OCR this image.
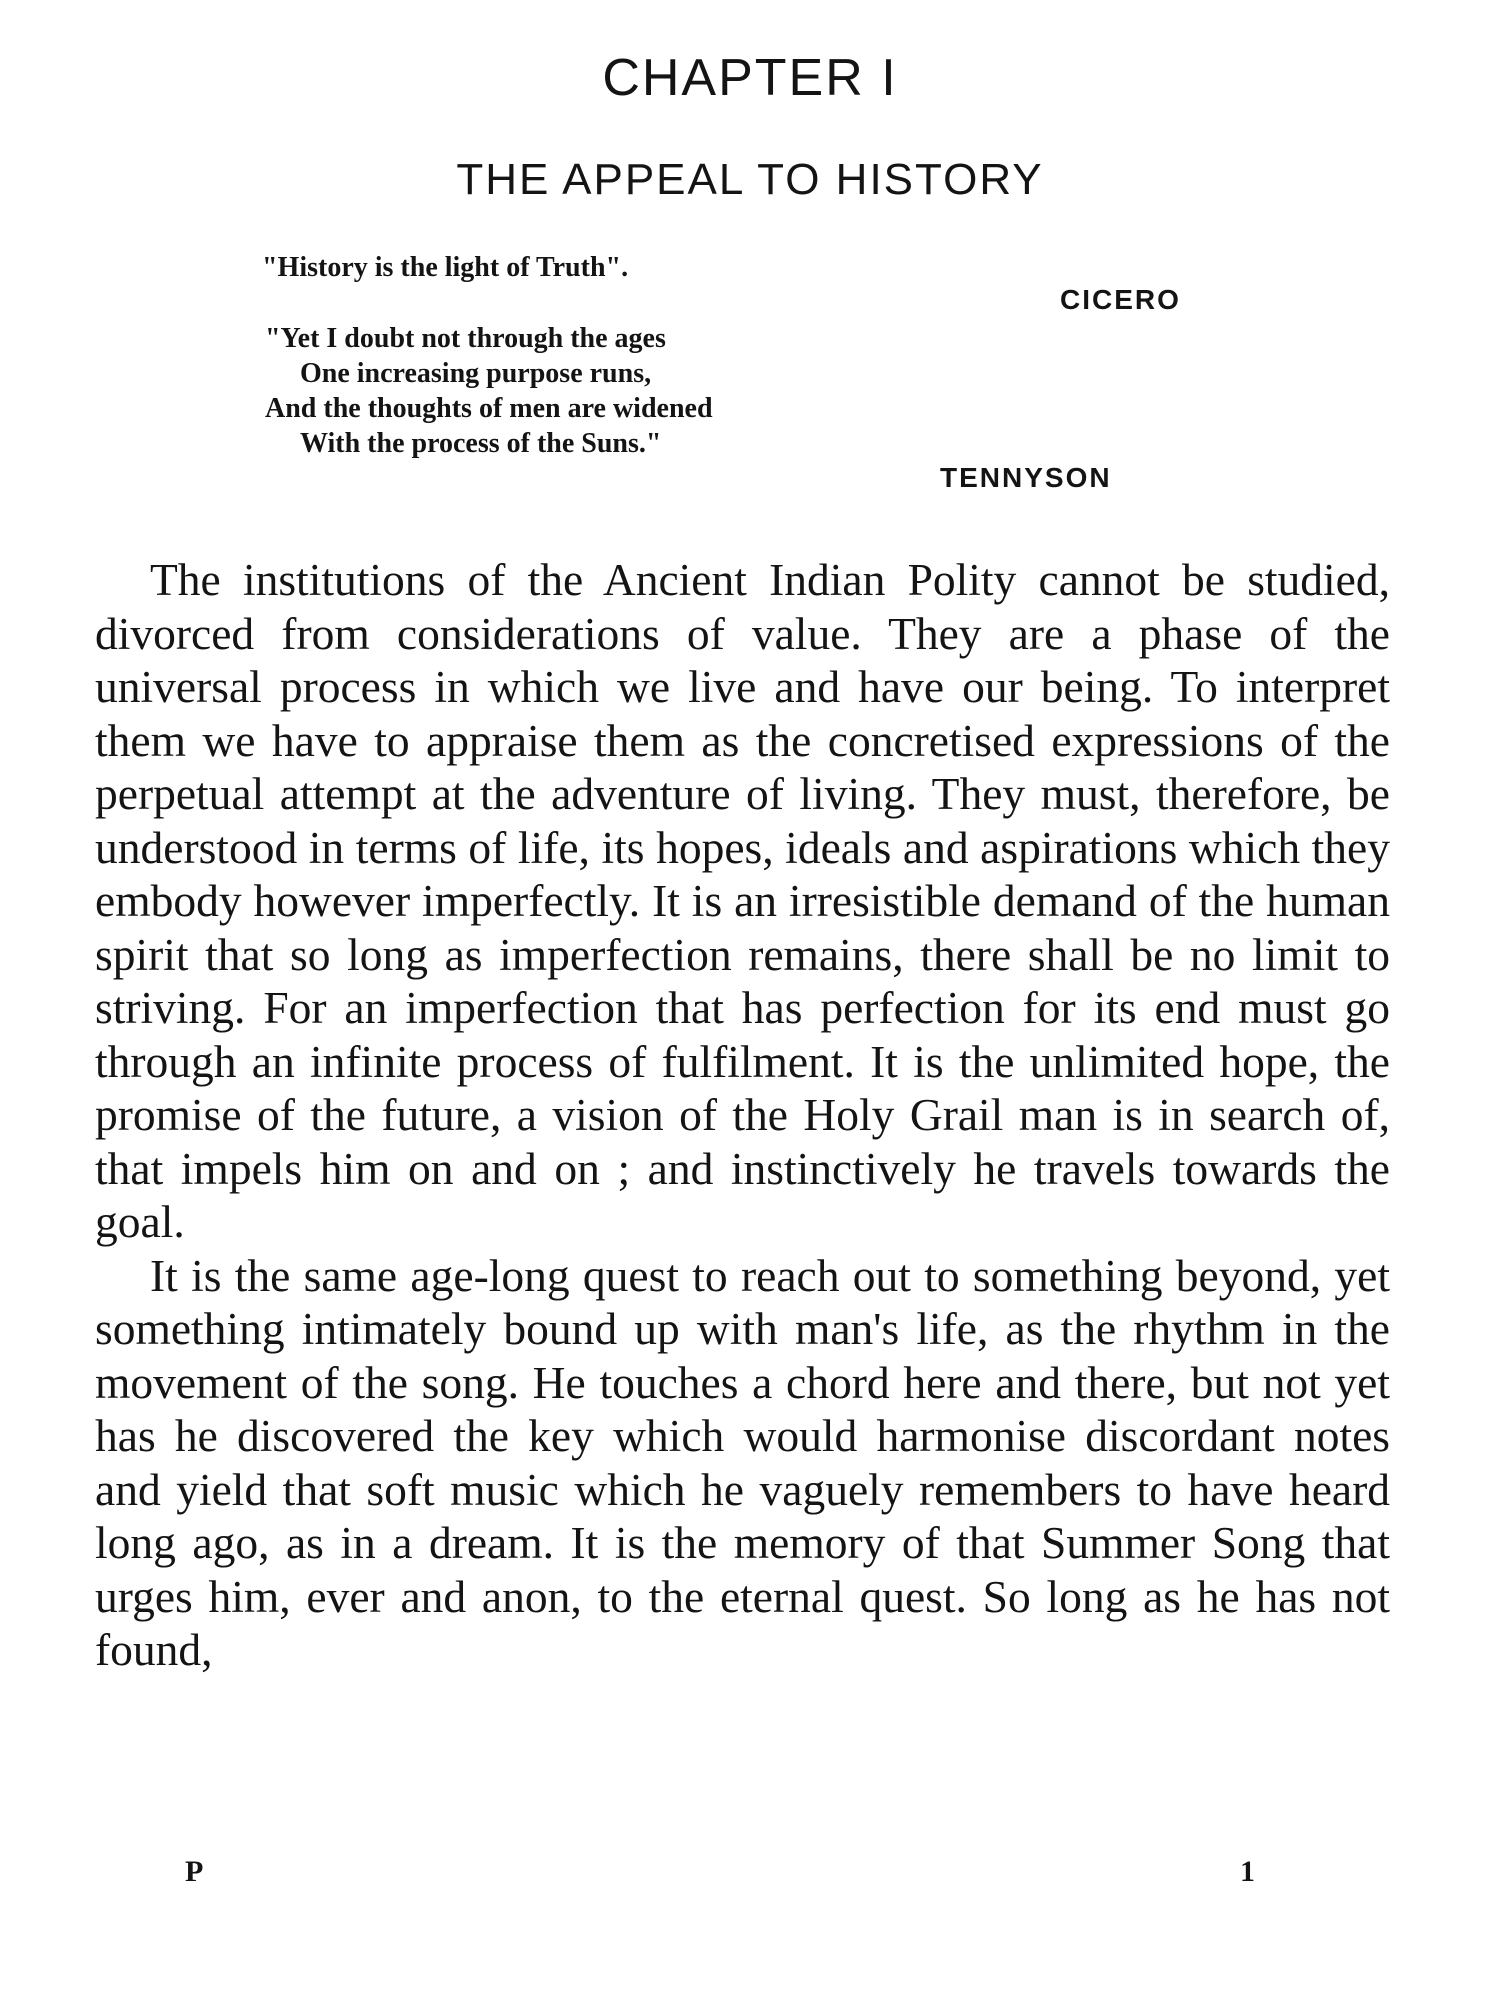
CHAPTER I
THE APPEAL TO HISTORY
"History is the light of Truth".
CICERO
"Yet I doubt not through the ages
One increasing purpose runs,
And the thoughts of men are widened
With the process of the Suns."
TENNYSON

The institutions of the Ancient Indian Polity cannot be studied, divorced from considerations of value. They are a phase of the universal process in which we live and have our being. To interpret them we have to appraise them as the concretised expressions of the perpetual attempt at the adventure of living. They must, therefore, be understood in terms of life, its hopes, ideals and aspirations which they embody however imperfectly. It is an irresistible demand of the human spirit that so long as imperfection remains, there shall be no limit to striving. For an imperfection that has perfection for its end must go through an infinite process of fulfilment. It is the unlimited hope, the promise of the future, a vision of the Holy Grail man is in search of, that impels him on and on ; and instinctively he travels towards the goal.

It is the same age-long quest to reach out to something beyond, yet something intimately bound up with man's life, as the rhythm in the movement of the song. He touches a chord here and there, but not yet has he discovered the key which would harmonise discordant notes and yield that soft music which he vaguely remembers to have heard long ago, as in a dream. It is the memory of that Summer Song that urges him, ever and anon, to the eternal quest. So long as he has not found,

P	1
